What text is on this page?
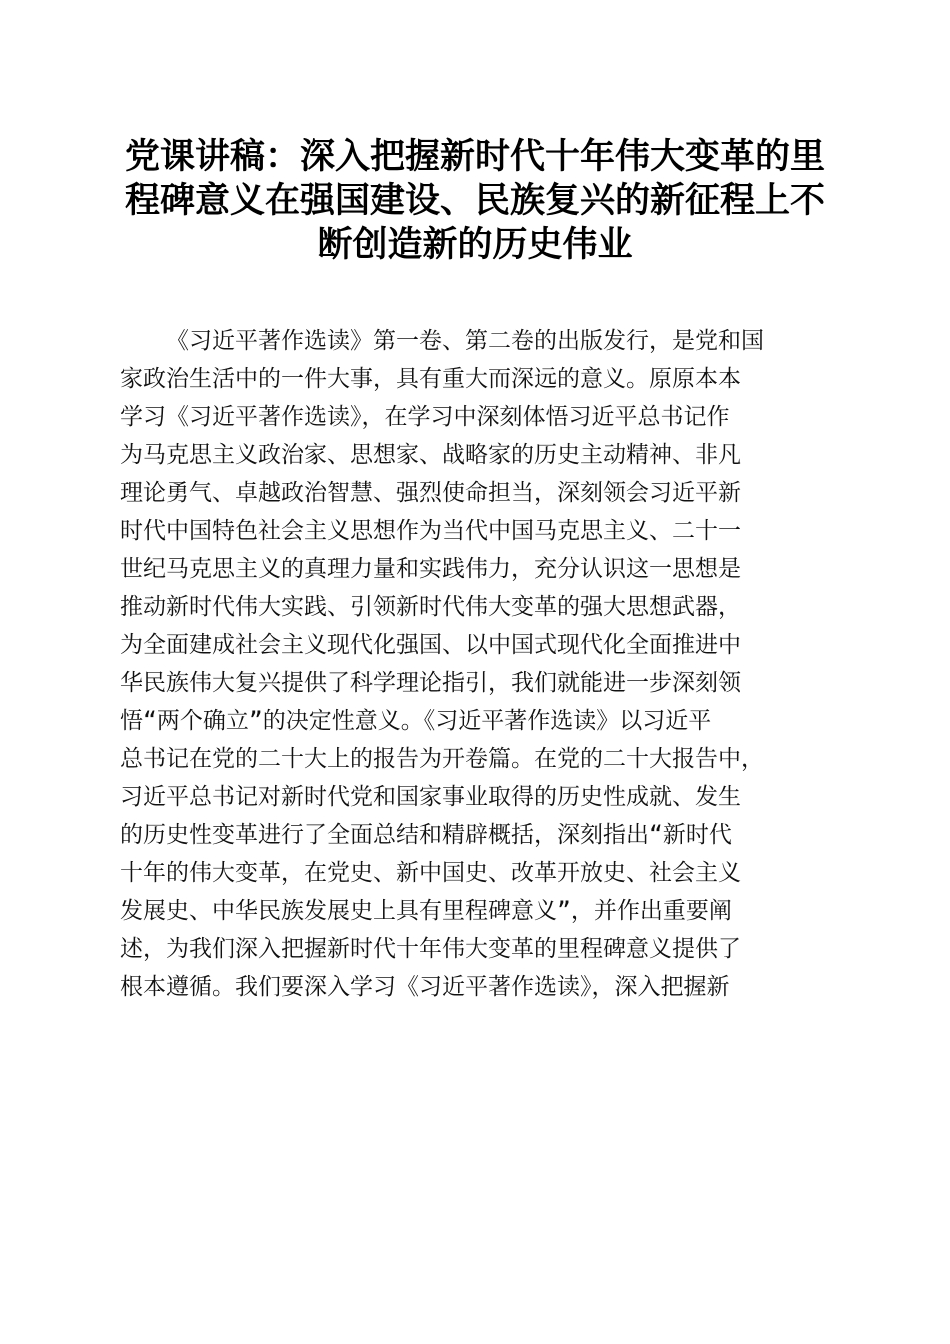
党课讲稿：深入把握新时代十年伟大变革的里
程碑意义在强国建设、民族复兴的新征程上不
断创造新的历史伟业
《习近平著作选读》第一卷、第二卷的出版发行，是党和国
家政治生活中的一件大事，具有重大而深远的意义。原原本本
学习《习近平著作选读》，在学习中深刻体悟习近平总书记作
为马克思主义政治家、思想家、战略家的历史主动精神、非凡
理论勇气、卓越政治智慧、强烈使命担当，深刻领会习近平新
时代中国特色社会主义思想作为当代中国马克思主义、二十一
世纪马克思主义的真理力量和实践伟力，充分认识这一思想是
推动新时代伟大实践、引领新时代伟大变革的强大思想武器，
为全面建成社会主义现代化强国、以中国式现代化全面推进中
华民族伟大复兴提供了科学理论指引，我们就能进一步深刻领
悟“两个确立”的决定性意义。《习近平著作选读》以习近平
总书记在党的二十大上的报告为开卷篇。在党的二十大报告中，
习近平总书记对新时代党和国家事业取得的历史性成就、发生
的历史性变革进行了全面总结和精辟概括，深刻指出“新时代
十年的伟大变革，在党史、新中国史、改革开放史、社会主义
发展史、中华民族发展史上具有里程碑意义”，并作出重要阐
述，为我们深入把握新时代十年伟大变革的里程碑意义提供了
根本遵循。我们要深入学习《习近平著作选读》，深入把握新
